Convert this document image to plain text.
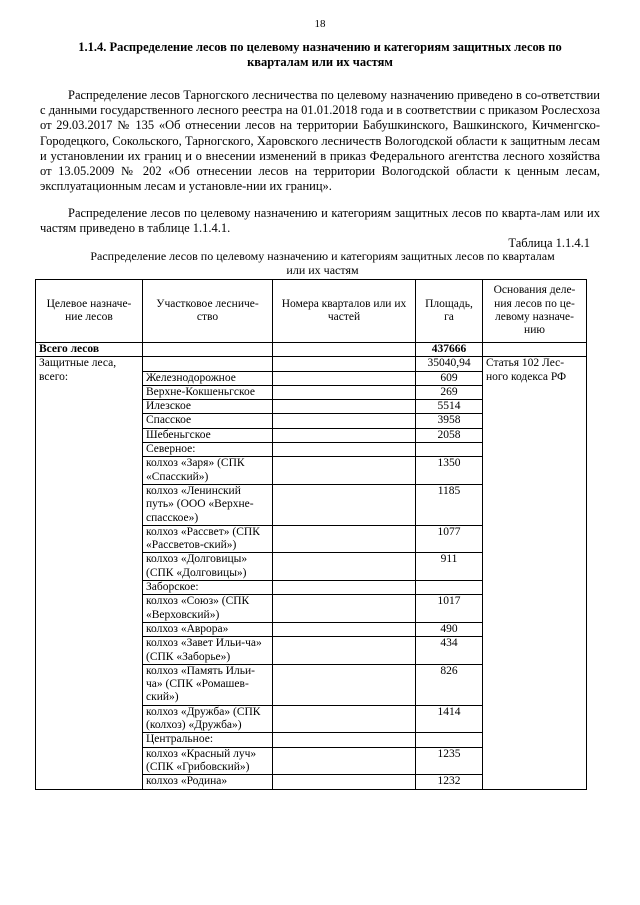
18
1.1.4. Распределение лесов по целевому назначению и категориям защитных лесов по
кварталам или их частям

Распределение лесов Тарногского лесничества по целевому назначению приведено в со-ответствии с данными государственного лесного реестра на 01.01.2018 года и в соответствии с приказом Рослесхоза от 29.03.2017 № 135 «Об отнесении лесов на территории Бабушкинского, Вашкинского, Кичменгско-Городецкого, Сокольского, Тарногского, Харовского лесничеств Вологодской области к защитным лесам и установлении их границ и о внесении изменений в приказ Федерального агентства лесного хозяйства от 13.05.2009 № 202 «Об отнесении лесов на территории Вологодской области к ценным лесам, эксплуатационным лесам и установле-нии их границ».

Распределение лесов по целевому назначению и категориям защитных лесов по кварта-лам или их частям приведено в таблице 1.1.4.1.

Таблица 1.1.4.1
Распределение лесов по целевому назначению и категориям защитных лесов по кварталам
или их частям
Целевое назначе-ние лесов	Участковое лесниче-ство	Номера кварталов или их частей	Площадь, га	Основания деле-ния лесов по це-левому назначе-нию
Всего лесов			437666	
Защитные леса, всего:			35040,94	Статья 102 Лес-ного кодекса РФ
	Железнодорожное		609	
	Верхне-Кокшеньгское		269	
	Илезское		5514	
	Спасское		3958	
	Шебеньгское		2058	
	Северное:			
	колхоз «Заря» (СПК «Спасский»)		1350	
	колхоз «Ленинский путь» (ООО «Верхне-спасское»)		1185	
	колхоз «Рассвет» (СПК «Рассветов-ский»)		1077	
	колхоз «Долговицы» (СПК «Долговицы»)		911	
	Заборское:			
	колхоз «Союз» (СПК «Верховский»)		1017	
	колхоз «Аврора»		490	
	колхоз «Завет Ильи-ча» (СПК «Заборье»)		434	
	колхоз «Память Ильи-ча» (СПК «Ромашев-ский»)		826	
	колхоз «Дружба» (СПК (колхоз) «Дружба»)		1414	
	Центральное:			
	колхоз «Красный луч» (СПК «Грибовский»)		1235	
	колхоз «Родина»		1232	
